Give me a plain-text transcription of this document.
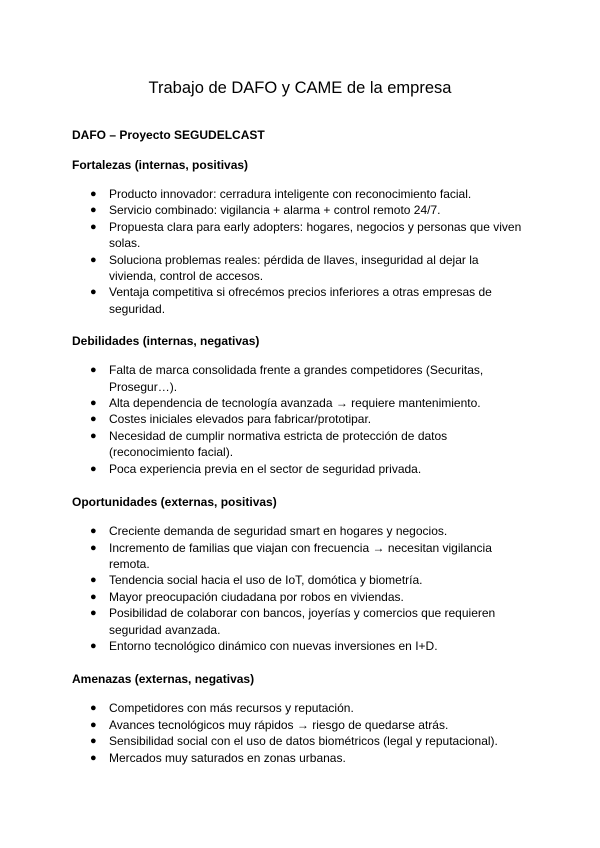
Trabajo de DAFO y CAME de la empresa

DAFO – Proyecto SEGUDELCAST

Fortalezas (internas, positivas)

● Producto innovador: cerradura inteligente con reconocimiento facial.
● Servicio combinado: vigilancia + alarma + control remoto 24/7.
● Propuesta clara para early adopters: hogares, negocios y personas que viven solas.
● Soluciona problemas reales: pérdida de llaves, inseguridad al dejar la vivienda, control de accesos.
● Ventaja competitiva si ofrecémos precios inferiores a otras empresas de seguridad.

Debilidades (internas, negativas)

● Falta de marca consolidada frente a grandes competidores (Securitas, Prosegur…).
● Alta dependencia de tecnología avanzada → requiere mantenimiento.
● Costes iniciales elevados para fabricar/prototipar.
● Necesidad de cumplir normativa estricta de protección de datos (reconocimiento facial).
● Poca experiencia previa en el sector de seguridad privada.

Oportunidades (externas, positivas)

● Creciente demanda de seguridad smart en hogares y negocios.
● Incremento de familias que viajan con frecuencia → necesitan vigilancia remota.
● Tendencia social hacia el uso de IoT, domótica y biometría.
● Mayor preocupación ciudadana por robos en viviendas.
● Posibilidad de colaborar con bancos, joyerías y comercios que requieren seguridad avanzada.
● Entorno tecnológico dinámico con nuevas inversiones en I+D.

Amenazas (externas, negativas)

● Competidores con más recursos y reputación.
● Avances tecnológicos muy rápidos → riesgo de quedarse atrás.
● Sensibilidad social con el uso de datos biométricos (legal y reputacional).
● Mercados muy saturados en zonas urbanas.
